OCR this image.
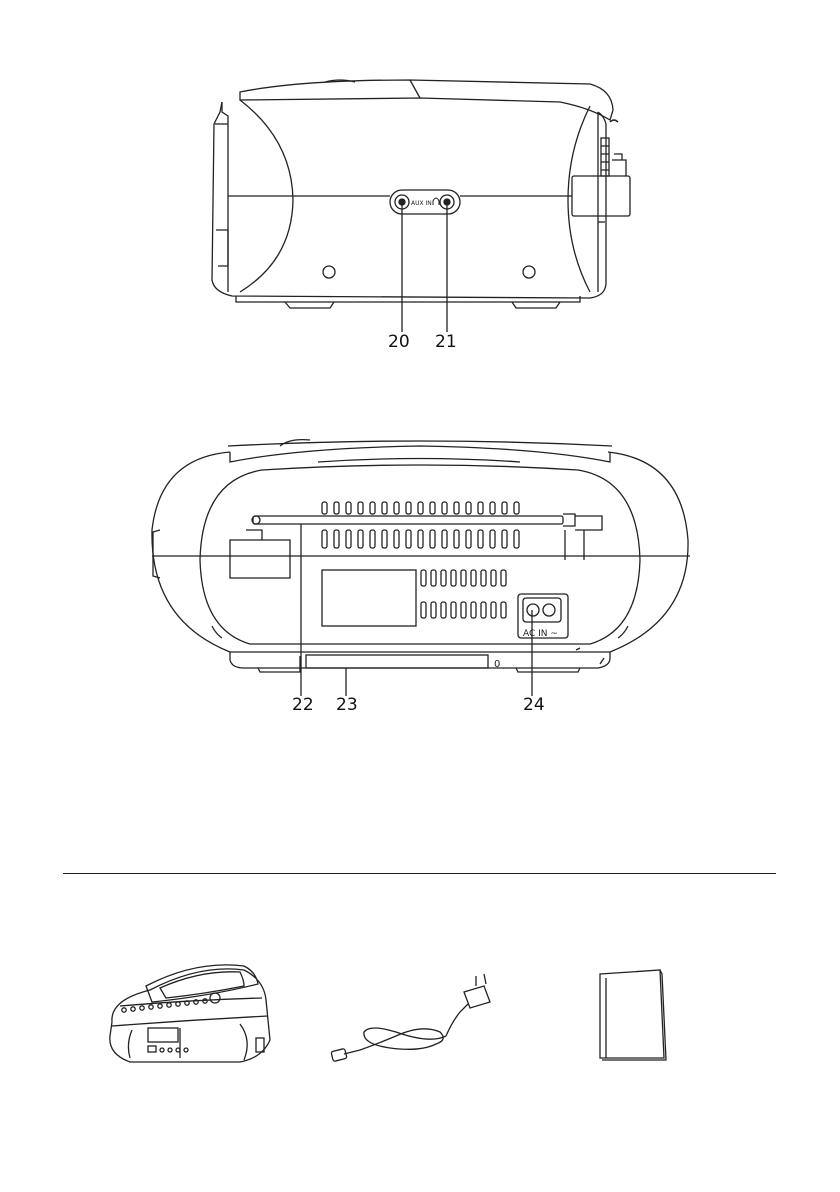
AUX IN
AC IN ~
0
20 21
22 23	24
